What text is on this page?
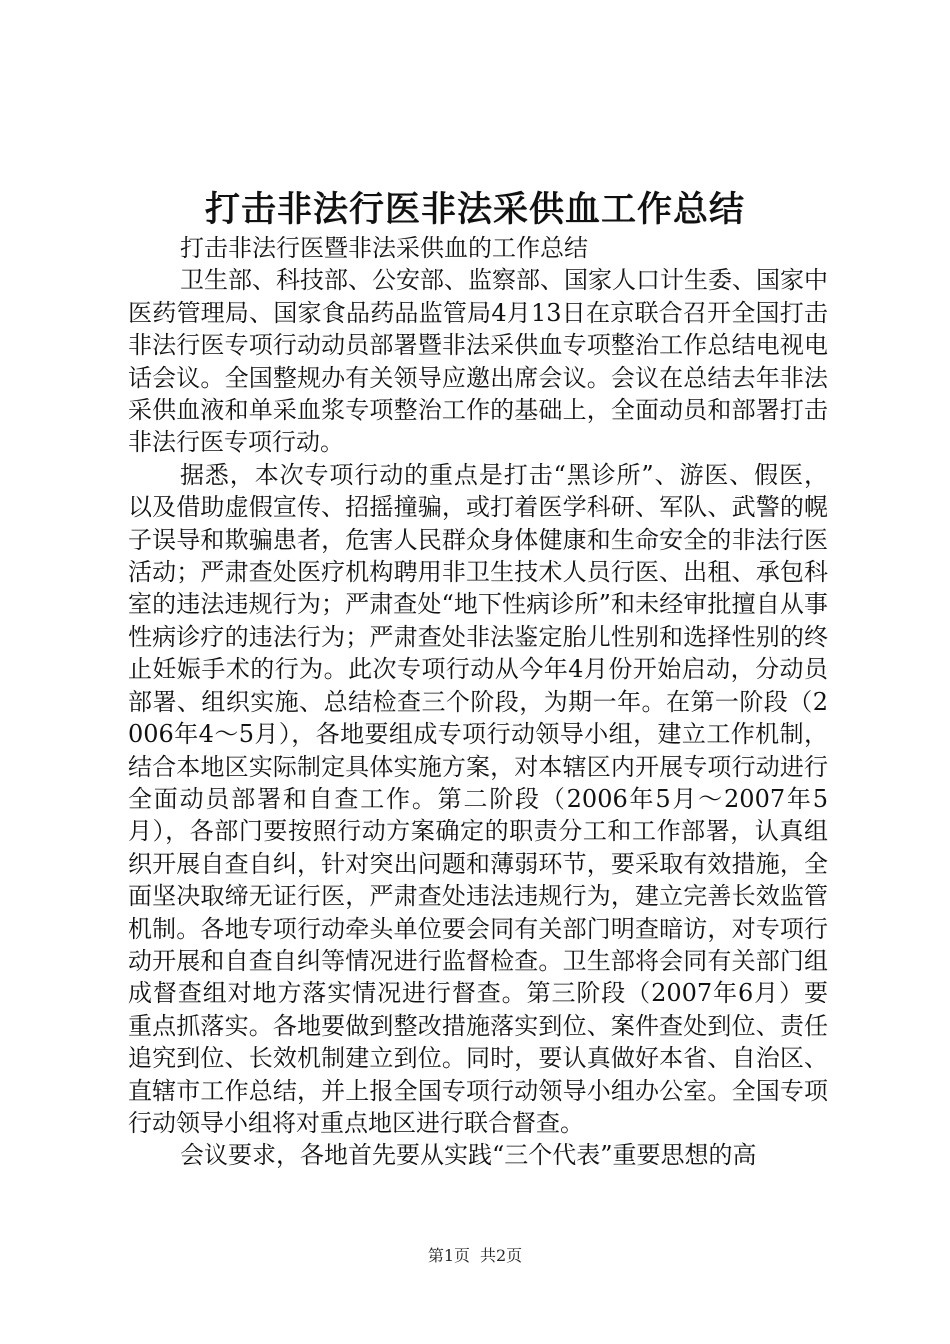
打击非法行医非法采供血工作总结

打击非法行医暨非法采供血的工作总结

卫生部、科技部、公安部、监察部、国家人口计生委、国家中医药管理局、国家食品药品监管局4月13日在京联合召开全国打击非法行医专项行动动员部署暨非法采供血专项整治工作总结电视电话会议。全国整规办有关领导应邀出席会议。会议在总结去年非法采供血液和单采血浆专项整治工作的基础上，全面动员和部署打击非法行医专项行动。

据悉，本次专项行动的重点是打击“黑诊所”、游医、假医，以及借助虚假宣传、招摇撞骗，或打着医学科研、军队、武警的幌子误导和欺骗患者，危害人民群众身体健康和生命安全的非法行医活动；严肃查处医疗机构聘用非卫生技术人员行医、出租、承包科室的违法违规行为；严肃查处“地下性病诊所”和未经审批擅自从事性病诊疗的违法行为；严肃查处非法鉴定胎儿性别和选择性别的终止妊娠手术的行为。此次专项行动从今年4月份开始启动，分动员部署、组织实施、总结检查三个阶段，为期一年。在第一阶段（2006年4～5月），各地要组成专项行动领导小组，建立工作机制，结合本地区实际制定具体实施方案，对本辖区内开展专项行动进行全面动员部署和自查工作。第二阶段（2006年5月～2007年5月），各部门要按照行动方案确定的职责分工和工作部署，认真组织开展自查自纠，针对突出问题和薄弱环节，要采取有效措施，全面坚决取缔无证行医，严肃查处违法违规行为，建立完善长效监管机制。各地专项行动牵头单位要会同有关部门明查暗访，对专项行动开展和自查自纠等情况进行监督检查。卫生部将会同有关部门组成督查组对地方落实情况进行督查。第三阶段（2007年6月）要重点抓落实。各地要做到整改措施落实到位、案件查处到位、责任追究到位、长效机制建立到位。同时，要认真做好本省、自治区、直辖市工作总结，并上报全国专项行动领导小组办公室。全国专项行动领导小组将对重点地区进行联合督查。

会议要求，各地首先要从实践“三个代表”重要思想的高

第1页 共2页
